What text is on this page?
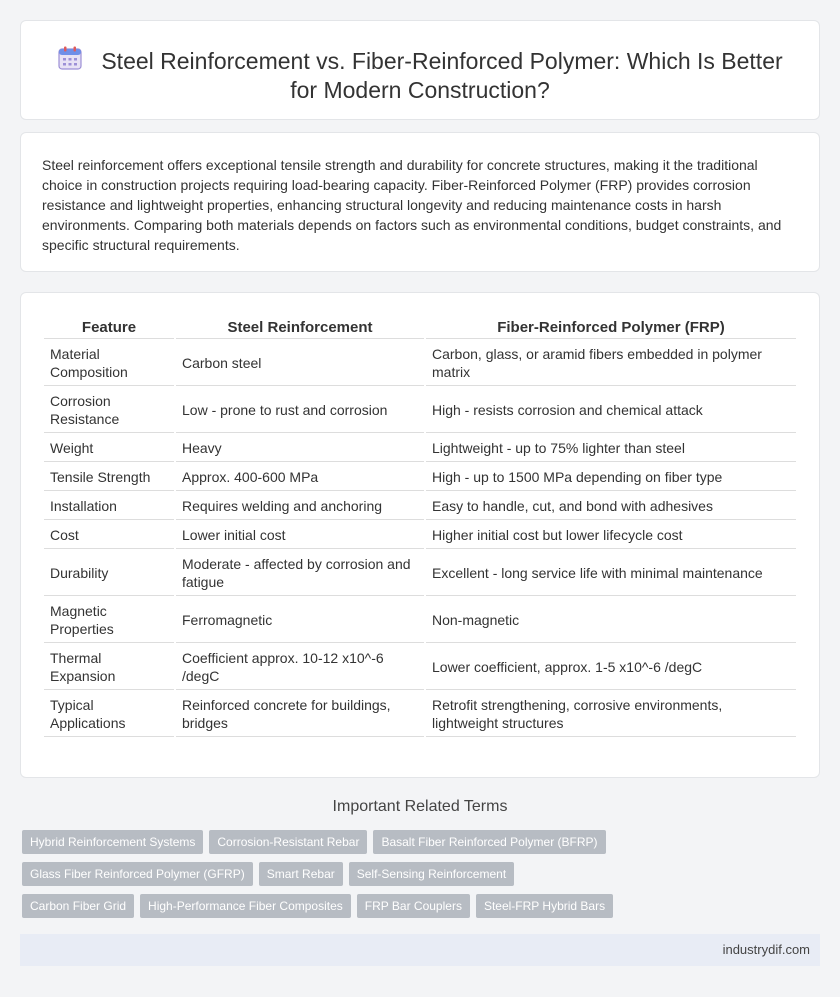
Steel Reinforcement vs. Fiber-Reinforced Polymer: Which Is Better for Modern Construction?

Steel reinforcement offers exceptional tensile strength and durability for concrete structures, making it the traditional choice in construction projects requiring load-bearing capacity. Fiber-Reinforced Polymer (FRP) provides corrosion resistance and lightweight properties, enhancing structural longevity and reducing maintenance costs in harsh environments. Comparing both materials depends on factors such as environmental conditions, budget constraints, and specific structural requirements.

Feature	Steel Reinforcement	Fiber-Reinforced Polymer (FRP)
Material Composition	Carbon steel	Carbon, glass, or aramid fibers embedded in polymer matrix
Corrosion Resistance	Low - prone to rust and corrosion	High - resists corrosion and chemical attack
Weight	Heavy	Lightweight - up to 75% lighter than steel
Tensile Strength	Approx. 400-600 MPa	High - up to 1500 MPa depending on fiber type
Installation	Requires welding and anchoring	Easy to handle, cut, and bond with adhesives
Cost	Lower initial cost	Higher initial cost but lower lifecycle cost
Durability	Moderate - affected by corrosion and fatigue	Excellent - long service life with minimal maintenance
Magnetic Properties	Ferromagnetic	Non-magnetic
Thermal Expansion	Coefficient approx. 10-12 x10^-6 /degC	Lower coefficient, approx. 1-5 x10^-6 /degC
Typical Applications	Reinforced concrete for buildings, bridges	Retrofit strengthening, corrosive environments, lightweight structures
Important Related Terms
Hybrid Reinforcement Systems	Corrosion-Resistant Rebar	Basalt Fiber Reinforced Polymer (BFRP)
Glass Fiber Reinforced Polymer (GFRP)	Smart Rebar	Self-Sensing Reinforcement
Carbon Fiber Grid	High-Performance Fiber Composites	FRP Bar Couplers	Steel-FRP Hybrid Bars
industrydif.com
